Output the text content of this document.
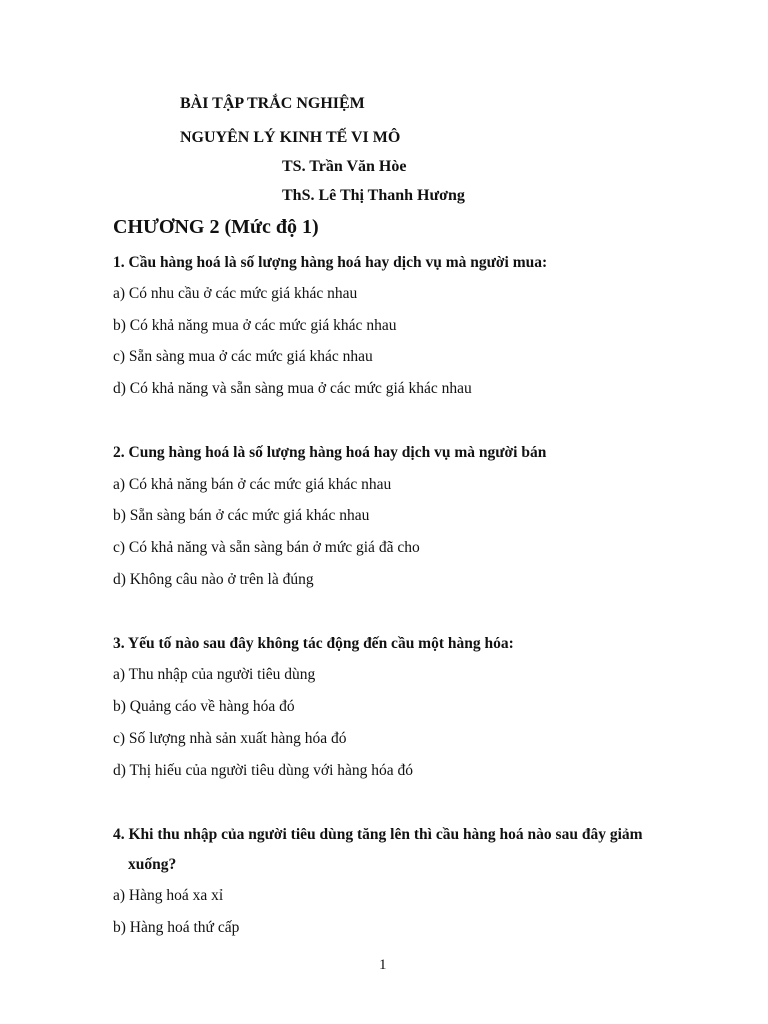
BÀI TẬP TRẮC NGHIỆM
NGUYÊN LÝ KINH TẾ VI MÔ
TS. Trần Văn Hòe
ThS. Lê Thị Thanh Hương
CHƯƠNG 2 (Mức độ 1)
1. Cầu hàng hoá là số lượng hàng hoá hay dịch vụ mà người mua:
a) Có nhu cầu ở các mức giá khác nhau
b) Có khả năng mua ở các mức giá khác nhau
c) Sẵn sàng mua ở các mức giá khác nhau
d) Có khả năng và sẵn sàng mua ở các mức giá khác nhau
2. Cung hàng hoá là số lượng hàng hoá hay dịch vụ mà người bán
a) Có khả năng bán ở các mức giá khác nhau
b) Sẵn sàng bán ở các mức giá khác nhau
c) Có khả năng và sẵn sàng bán ở mức giá đã cho
d) Không câu nào ở trên là đúng
3. Yếu tố nào sau đây không tác động đến cầu một hàng hóa:
a) Thu nhập của người tiêu dùng
b) Quảng cáo về hàng hóa đó
c) Số lượng nhà sản xuất hàng hóa đó
d) Thị hiếu của người tiêu dùng với hàng hóa đó
4. Khi thu nhập của người tiêu dùng tăng lên thì cầu hàng hoá nào sau đây giảm
xuống?
a) Hàng hoá xa xỉ
b) Hàng hoá thứ cấp
1
